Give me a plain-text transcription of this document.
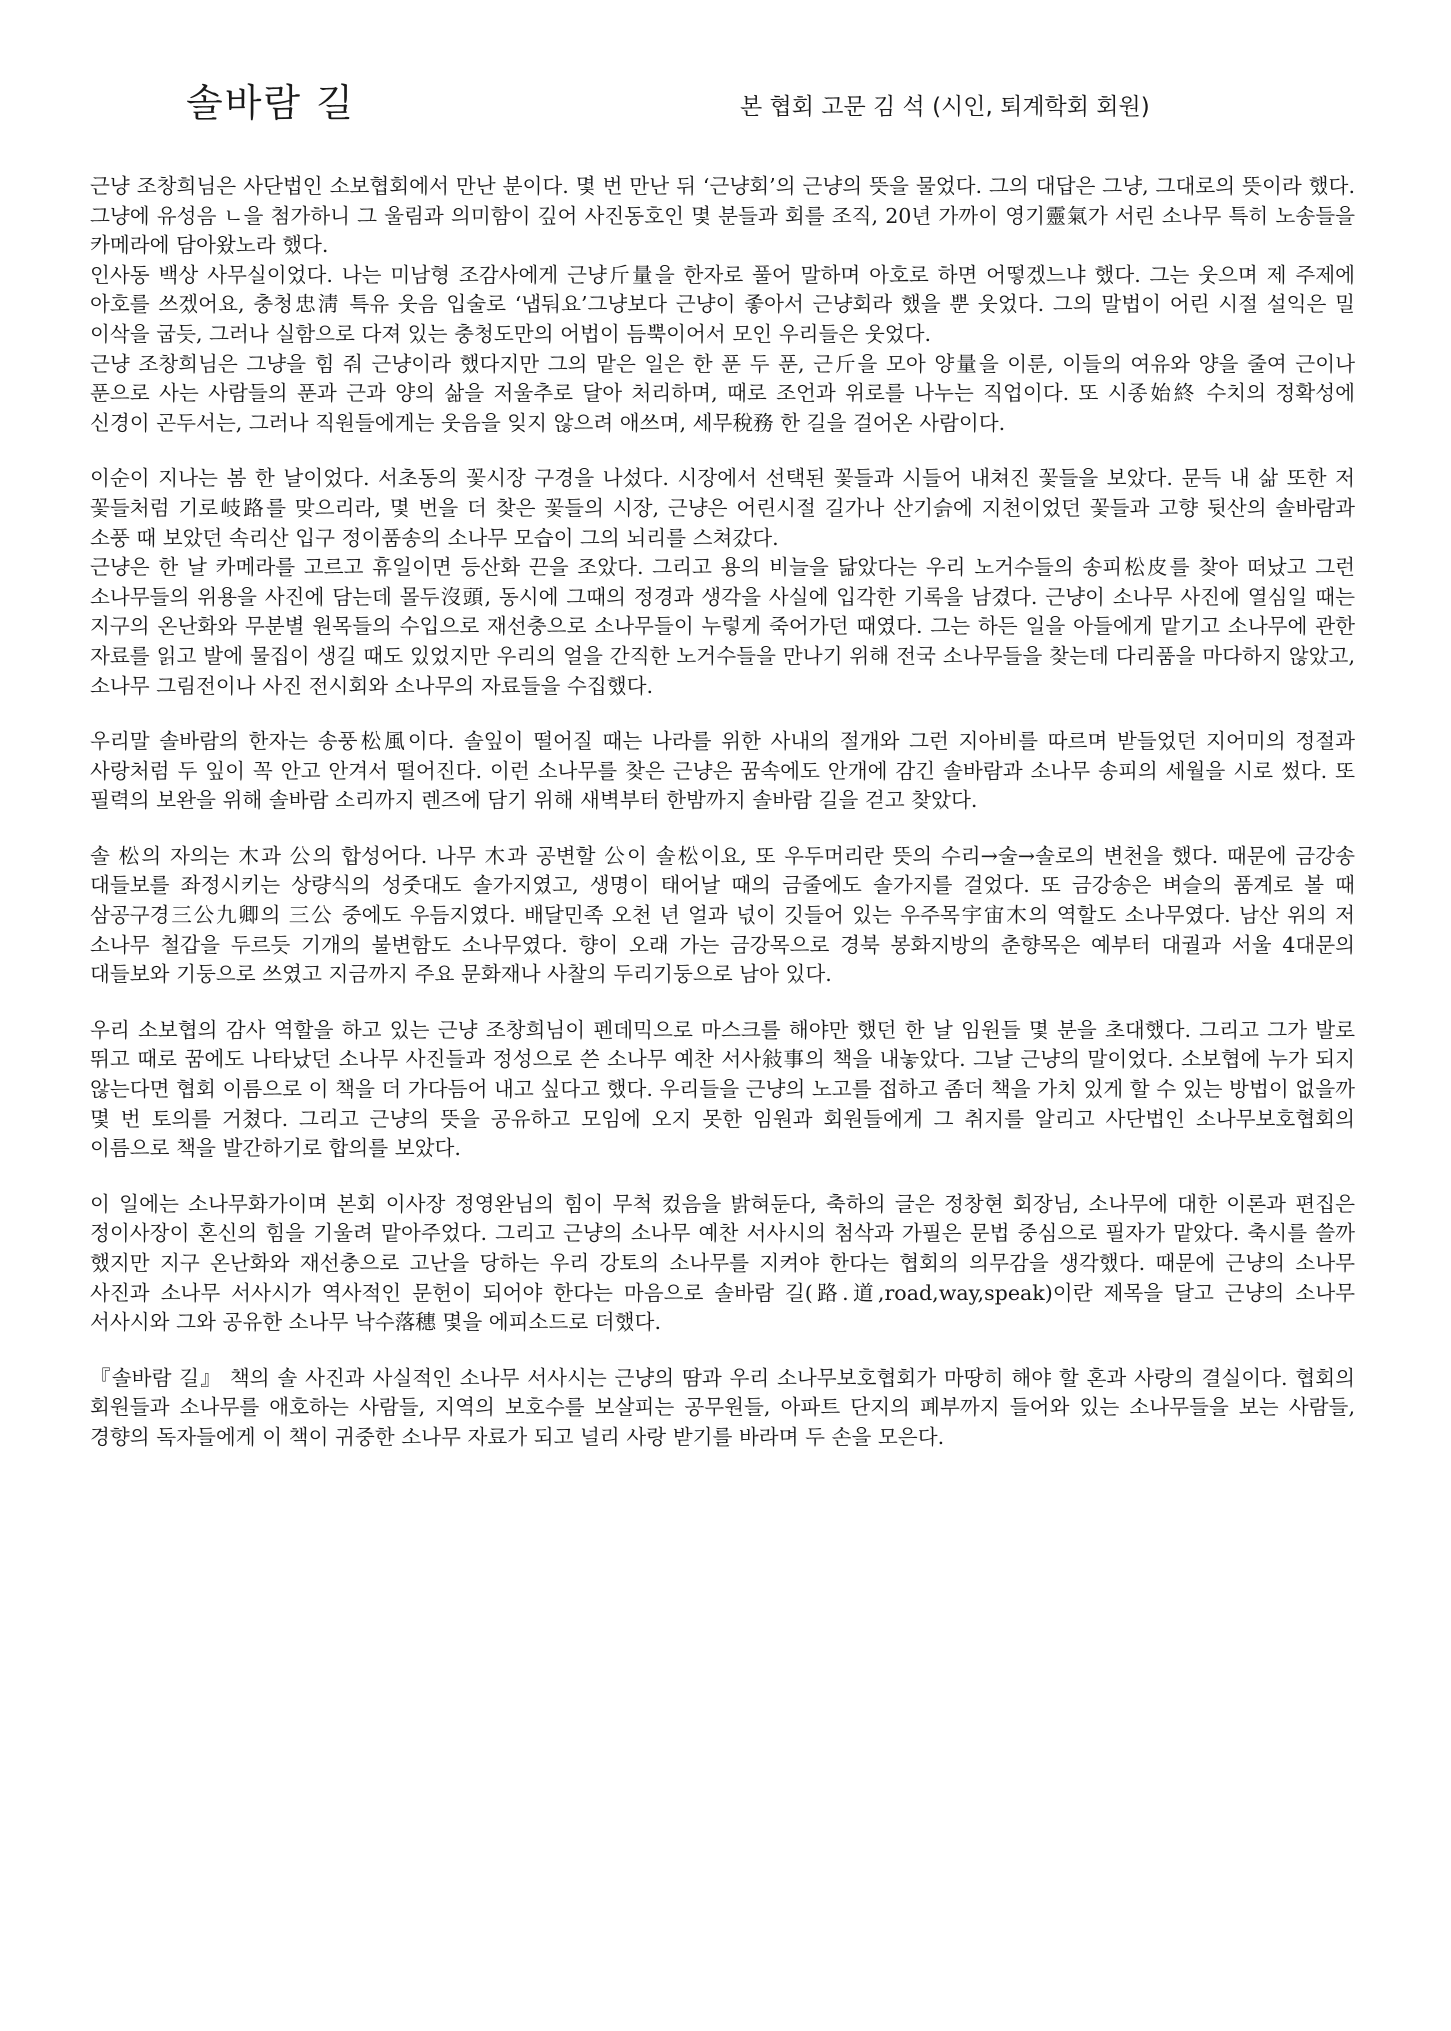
솔바람 길	본 협회 고문 김 석 (시인, 퇴계학회 회원)

근냥 조창희님은 사단법인 소보협회에서 만난 분이다. 몇 번 만난 뒤 ‘근냥회’의 근냥의 뜻을 물었다. 그의 대답은 그냥, 그대로의 뜻이라 했다. 그냥에 유성음 ㄴ을 첨가하니 그 울림과 의미함이 깊어 사진동호인 몇 분들과 회를 조직, 20년 가까이 영기靈氣가 서린 소나무 특히 노송들을 카메라에 담아왔노라 했다.

인사동 백상 사무실이었다. 나는 미남형 조감사에게 근냥斤量을 한자로 풀어 말하며 아호로 하면 어떻겠느냐 했다. 그는 웃으며 제 주제에 아호를 쓰겠어요, 충청忠淸 특유 웃음 입술로 ‘냅둬요’그냥보다 근냥이 좋아서 근냥회라 했을 뿐 웃었다. 그의 말법이 어린 시절 설익은 밀 이삭을 굽듯, 그러나 실함으로 다져 있는 충청도만의 어법이 듬뿍이어서 모인 우리들은 웃었다.

근냥 조창희님은 그냥을 힘 줘 근냥이라 했다지만 그의 맡은 일은 한 푼 두 푼, 근斤을 모아 양量을 이룬, 이들의 여유와 양을 줄여 근이나 푼으로 사는 사람들의 푼과 근과 양의 삶을 저울추로 달아 처리하며, 때로 조언과 위로를 나누는 직업이다. 또 시종始終 수치의 정확성에 신경이 곤두서는, 그러나 직원들에게는 웃음을 잊지 않으려 애쓰며, 세무稅務 한 길을 걸어온 사람이다.

이순이 지나는 봄 한 날이었다. 서초동의 꽃시장 구경을 나섰다. 시장에서 선택된 꽃들과 시들어 내쳐진 꽃들을 보았다. 문득 내 삶 또한 저 꽃들처럼 기로岐路를 맞으리라, 몇 번을 더 찾은 꽃들의 시장, 근냥은 어린시절 길가나 산기슭에 지천이었던 꽃들과 고향 뒷산의 솔바람과 소풍 때 보았던 속리산 입구 정이품송의 소나무 모습이 그의 뇌리를 스쳐갔다.

근냥은 한 날 카메라를 고르고 휴일이면 등산화 끈을 조았다. 그리고 용의 비늘을 닮았다는 우리 노거수들의 송피松皮를 찾아 떠났고 그런 소나무들의 위용을 사진에 담는데 몰두沒頭, 동시에 그때의 정경과 생각을 사실에 입각한 기록을 남겼다. 근냥이 소나무 사진에 열심일 때는 지구의 온난화와 무분별 원목들의 수입으로 재선충으로 소나무들이 누렇게 죽어가던 때였다. 그는 하든 일을 아들에게 맡기고 소나무에 관한 자료를 읽고 발에 물집이 생길 때도 있었지만 우리의 얼을 간직한 노거수들을 만나기 위해 전국 소나무들을 찾는데 다리품을 마다하지 않았고, 소나무 그림전이나 사진 전시회와 소나무의 자료들을 수집했다.

우리말 솔바람의 한자는 송풍松風이다. 솔잎이 떨어질 때는 나라를 위한 사내의 절개와 그런 지아비를 따르며 받들었던 지어미의 정절과 사랑처럼 두 잎이 꼭 안고 안겨서 떨어진다. 이런 소나무를 찾은 근냥은 꿈속에도 안개에 감긴 솔바람과 소나무 송피의 세월을 시로 썼다. 또 필력의 보완을 위해 솔바람 소리까지 렌즈에 담기 위해 새벽부터 한밤까지 솔바람 길을 걷고 찾았다.

솔 松의 자의는 木과 公의 합성어다. 나무 木과 공변할 公이 솔松이요, 또 우두머리란 뜻의 수리→술→솔로의 변천을 했다. 때문에 금강송 대들보를 좌정시키는 상량식의 성줏대도 솔가지였고, 생명이 태어날 때의 금줄에도 솔가지를 걸었다. 또 금강송은 벼슬의 품계로 볼 때 삼공구경三公九卿의 三公 중에도 우듬지였다. 배달민족 오천 년 얼과 넋이 깃들어 있는 우주목宇宙木의 역할도 소나무였다. 남산 위의 저 소나무 철갑을 두르듯 기개의 불변함도 소나무였다. 향이 오래 가는 금강목으로 경북 봉화지방의 춘향목은 예부터 대궐과 서울 4대문의 대들보와 기둥으로 쓰였고 지금까지 주요 문화재나 사찰의 두리기둥으로 남아 있다.

우리 소보협의 감사 역할을 하고 있는 근냥 조창희님이 펜데믹으로 마스크를 해야만 했던 한 날 임원들 몇 분을 초대했다. 그리고 그가 발로 뛰고 때로 꿈에도 나타났던 소나무 사진들과 정성으로 쓴 소나무 예찬 서사敍事의 책을 내놓았다. 그날 근냥의 말이었다. 소보협에 누가 되지 않는다면 협회 이름으로 이 책을 더 가다듬어 내고 싶다고 했다. 우리들을 근냥의 노고를 접하고 좀더 책을 가치 있게 할 수 있는 방법이 없을까 몇 번 토의를 거쳤다. 그리고 근냥의 뜻을 공유하고 모임에 오지 못한 임원과 회원들에게 그 취지를 알리고 사단법인 소나무보호협회의 이름으로 책을 발간하기로 합의를 보았다.

이 일에는 소나무화가이며 본회 이사장 정영완님의 힘이 무척 컸음을 밝혀둔다, 축하의 글은 정창현 회장님, 소나무에 대한 이론과 편집은 정이사장이 혼신의 힘을 기울려 맡아주었다. 그리고 근냥의 소나무 예찬 서사시의 첨삭과 가필은 문법 중심으로 필자가 맡았다. 축시를 쓸까 했지만 지구 온난화와 재선충으로 고난을 당하는 우리 강토의 소나무를 지켜야 한다는 협회의 의무감을 생각했다. 때문에 근냥의 소나무 사진과 소나무 서사시가 역사적인 문헌이 되어야 한다는 마음으로 솔바람 길(路.道,road,way,speak)이란 제목을 달고 근냥의 소나무 서사시와 그와 공유한 소나무 낙수落穗 몇을 에피소드로 더했다.

『솔바람 길』 책의 솔 사진과 사실적인 소나무 서사시는 근냥의 땀과 우리 소나무보호협회가 마땅히 해야 할 혼과 사랑의 결실이다. 협회의 회원들과 소나무를 애호하는 사람들, 지역의 보호수를 보살피는 공무원들, 아파트 단지의 폐부까지 들어와 있는 소나무들을 보는 사람들, 경향의 독자들에게 이 책이 귀중한 소나무 자료가 되고 널리 사랑 받기를 바라며 두 손을 모은다.
